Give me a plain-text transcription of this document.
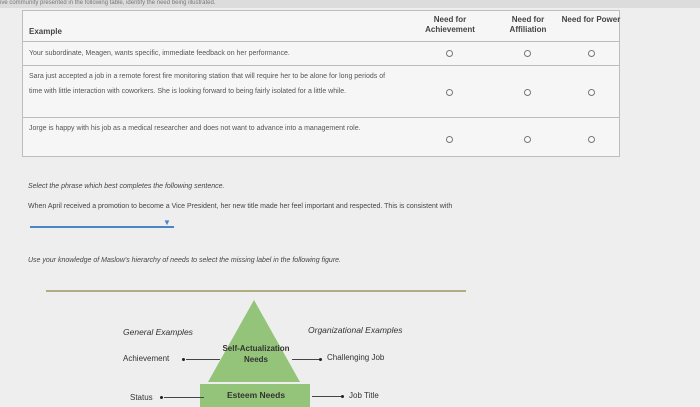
ive community presented in the following table, identify the need being illustrated.
Example
Need for Achievement
Need for Affiliation
Need for Power
Your subordinate, Meagen, wants specific, immediate feedback on her performance.
Sara just accepted a job in a remote forest fire monitoring station that will require her to be alone for long periods of time with little interaction with coworkers. She is looking forward to being fairly isolated for a little while.
Jorge is happy with his job as a medical researcher and does not want to advance into a management role.
Select the phrase which best completes the following sentence.
When April received a promotion to become a Vice President, her new title made her feel important and respected. This is consistent with
▼
Use your knowledge of Maslow's hierarchy of needs to select the missing label in the following figure.
Self-Actualization Needs
Esteem Needs
General Examples	Organizational Examples
Achievement
Status
Challenging Job
Job Title
